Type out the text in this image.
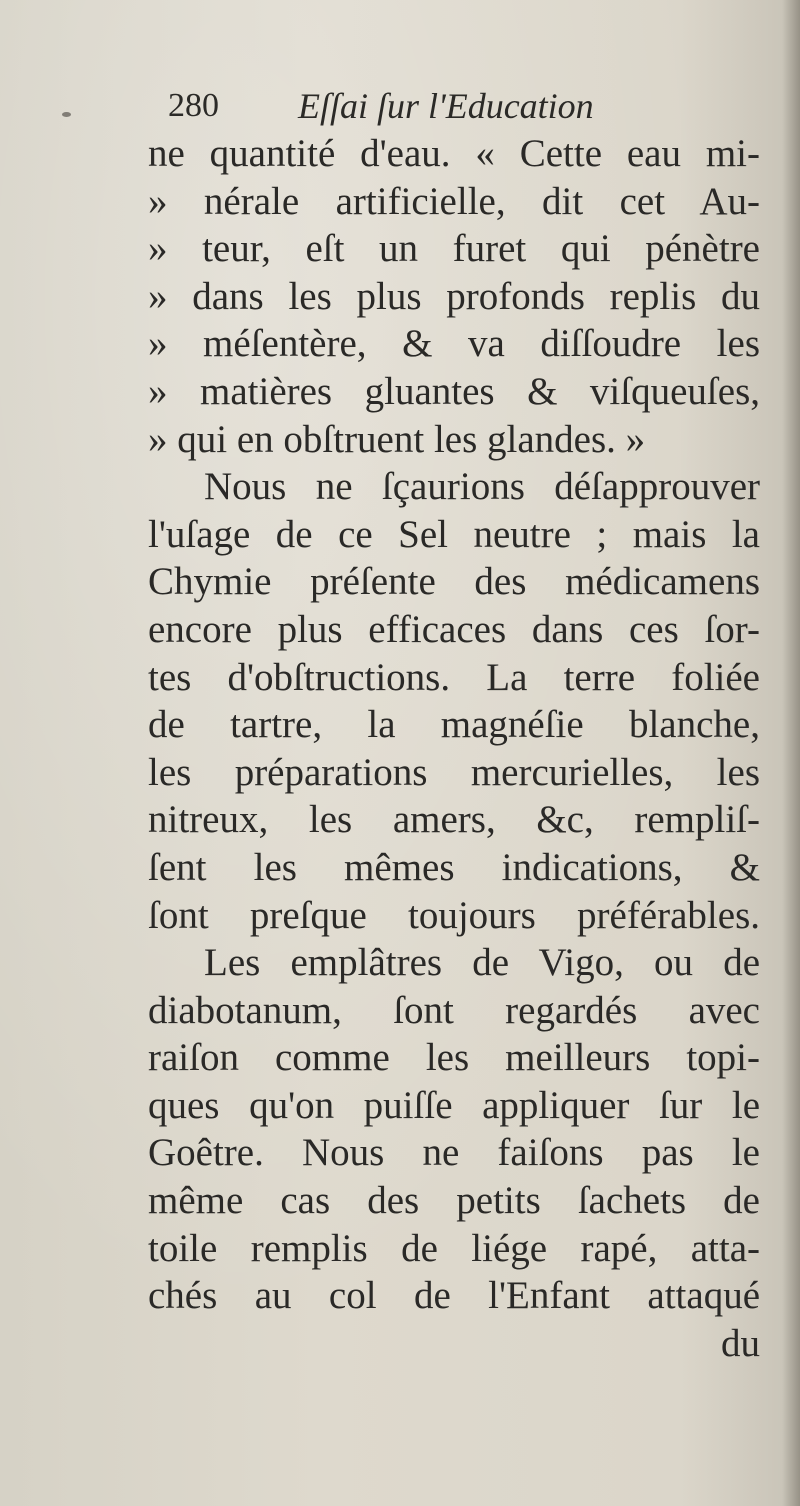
280 Eſſai ſur l'Education
ne quantité d'eau. « Cette eau mi-
» nérale artificielle, dit cet Au-
» teur, eſt un furet qui pénètre
» dans les plus profonds replis du
» méſentère, & va diſſoudre les
» matières gluantes & viſqueuſes,
» qui en obſtruent les glandes. »
Nous ne ſçaurions déſapprouver
l'uſage de ce Sel neutre ; mais la
Chymie préſente des médicamens
encore plus efficaces dans ces ſor-
tes d'obſtructions. La terre foliée
de tartre, la magnéſie blanche,
les préparations mercurielles, les
nitreux, les amers, &c, rempliſ-
ſent les mêmes indications, &
ſont preſque toujours préférables.
Les emplâtres de Vigo, ou de
diabotanum, ſont regardés avec
raiſon comme les meilleurs topi-
ques qu'on puiſſe appliquer ſur le
Goêtre. Nous ne faiſons pas le
même cas des petits ſachets de
toile remplis de liége rapé, atta-
chés au col de l'Enfant attaqué
du
